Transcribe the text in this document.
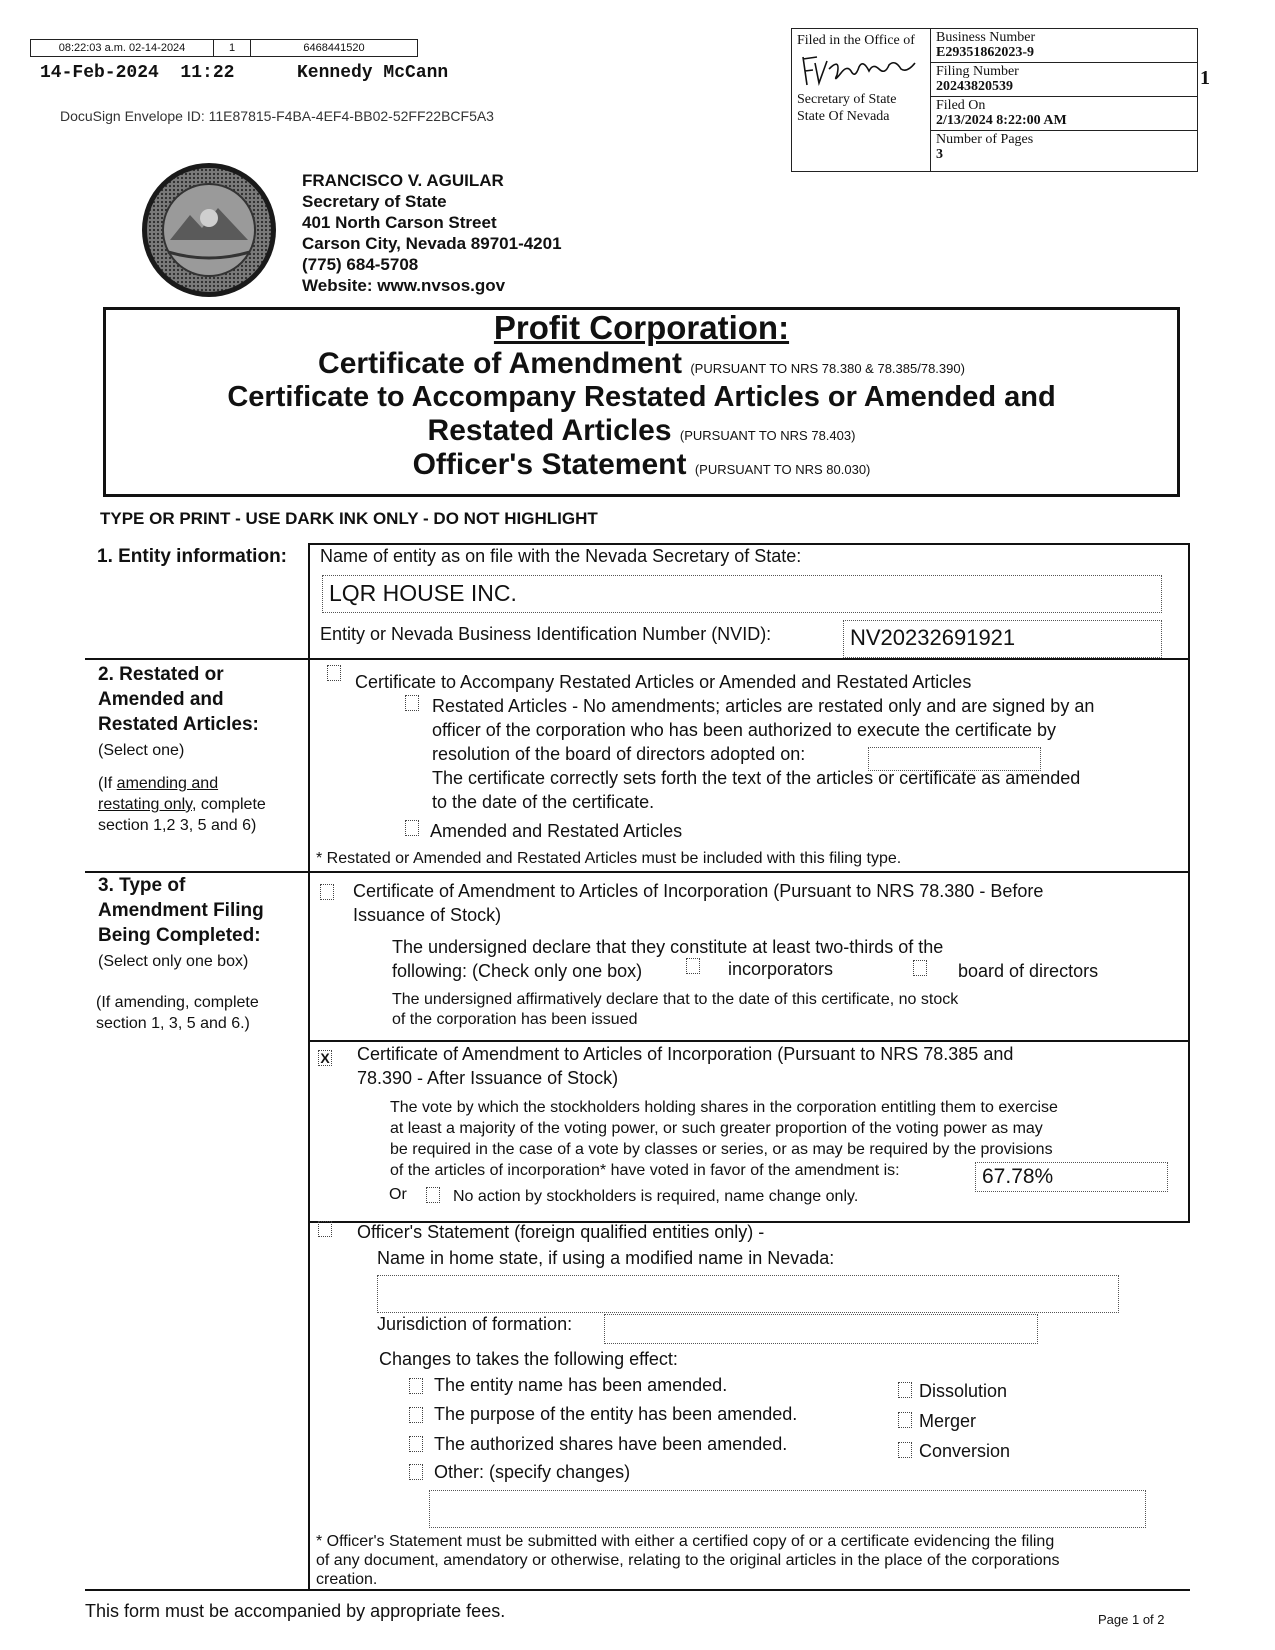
08:22:03 a.m. 02-14-2024	1	6468441520
14-Feb-2024  11:22	Kennedy McCann
DocuSign Envelope ID: 11E87815-F4BA-4EF4-BB02-52FF22BCF5A3
Filed in the Office of
Secretary of State
State Of Nevada
Business Number
E29351862023-9
Filing Number
20243820539
Filed On
2/13/2024 8:22:00 AM
Number of Pages
3
1
FRANCISCO V. AGUILAR
Secretary of State
401 North Carson Street
Carson City, Nevada 89701-4201
(775) 684-5708
Website: www.nvsos.gov
Profit Corporation:
Certificate of Amendment (PURSUANT TO NRS 78.380 & 78.385/78.390)
Certificate to Accompany Restated Articles or Amended and
Restated Articles (PURSUANT TO NRS 78.403)
Officer's Statement (PURSUANT TO NRS 80.030)
TYPE OR PRINT - USE DARK INK ONLY - DO NOT HIGHLIGHT
1. Entity information: Name of entity as on file with the Nevada Secretary of State:
LQR HOUSE INC.
Entity or Nevada Business Identification Number (NVID):	NV20232691921
2. Restated or
Amended and
Restated Articles:
(Select one)
(If amending and
restating only, complete
section 1,2 3, 5 and 6)
Certificate to Accompany Restated Articles or Amended and Restated Articles
Restated Articles - No amendments; articles are restated only and are signed by an
officer of the corporation who has been authorized to execute the certificate by
resolution of the board of directors adopted on:
The certificate correctly sets forth the text of the articles or certificate as amended
to the date of the certificate.
Amended and Restated Articles
* Restated or Amended and Restated Articles must be included with this filing type.
3. Type of
Amendment Filing
Being Completed:
(Select only one box)
(If amending, complete
section 1, 3, 5 and 6.)
Certificate of Amendment to Articles of Incorporation (Pursuant to NRS 78.380 - Before
Issuance of Stock)
The undersigned declare that they constitute at least two-thirds of the
following: (Check only one box)	incorporators	board of directors
The undersigned affirmatively declare that to the date of this certificate, no stock
of the corporation has been issued
X Certificate of Amendment to Articles of Incorporation (Pursuant to NRS 78.385 and
78.390 - After Issuance of Stock)
The vote by which the stockholders holding shares in the corporation entitling them to exercise
at least a majority of the voting power, or such greater proportion of the voting power as may
be required in the case of a vote by classes or series, or as may be required by the provisions
of the articles of incorporation* have voted in favor of the amendment is:	67.78%
Or	No action by stockholders is required, name change only.
Officer's Statement (foreign qualified entities only) -
Name in home state, if using a modified name in Nevada:
Jurisdiction of formation:
Changes to takes the following effect:
The entity name has been amended.
The purpose of the entity has been amended.
The authorized shares have been amended.
Other: (specify changes)
Dissolution
Merger
Conversion
* Officer's Statement must be submitted with either a certified copy of or a certificate evidencing the filing
of any document, amendatory or otherwise, relating to the original articles in the place of the corporations
creation.
This form must be accompanied by appropriate fees.	Page 1 of 2
